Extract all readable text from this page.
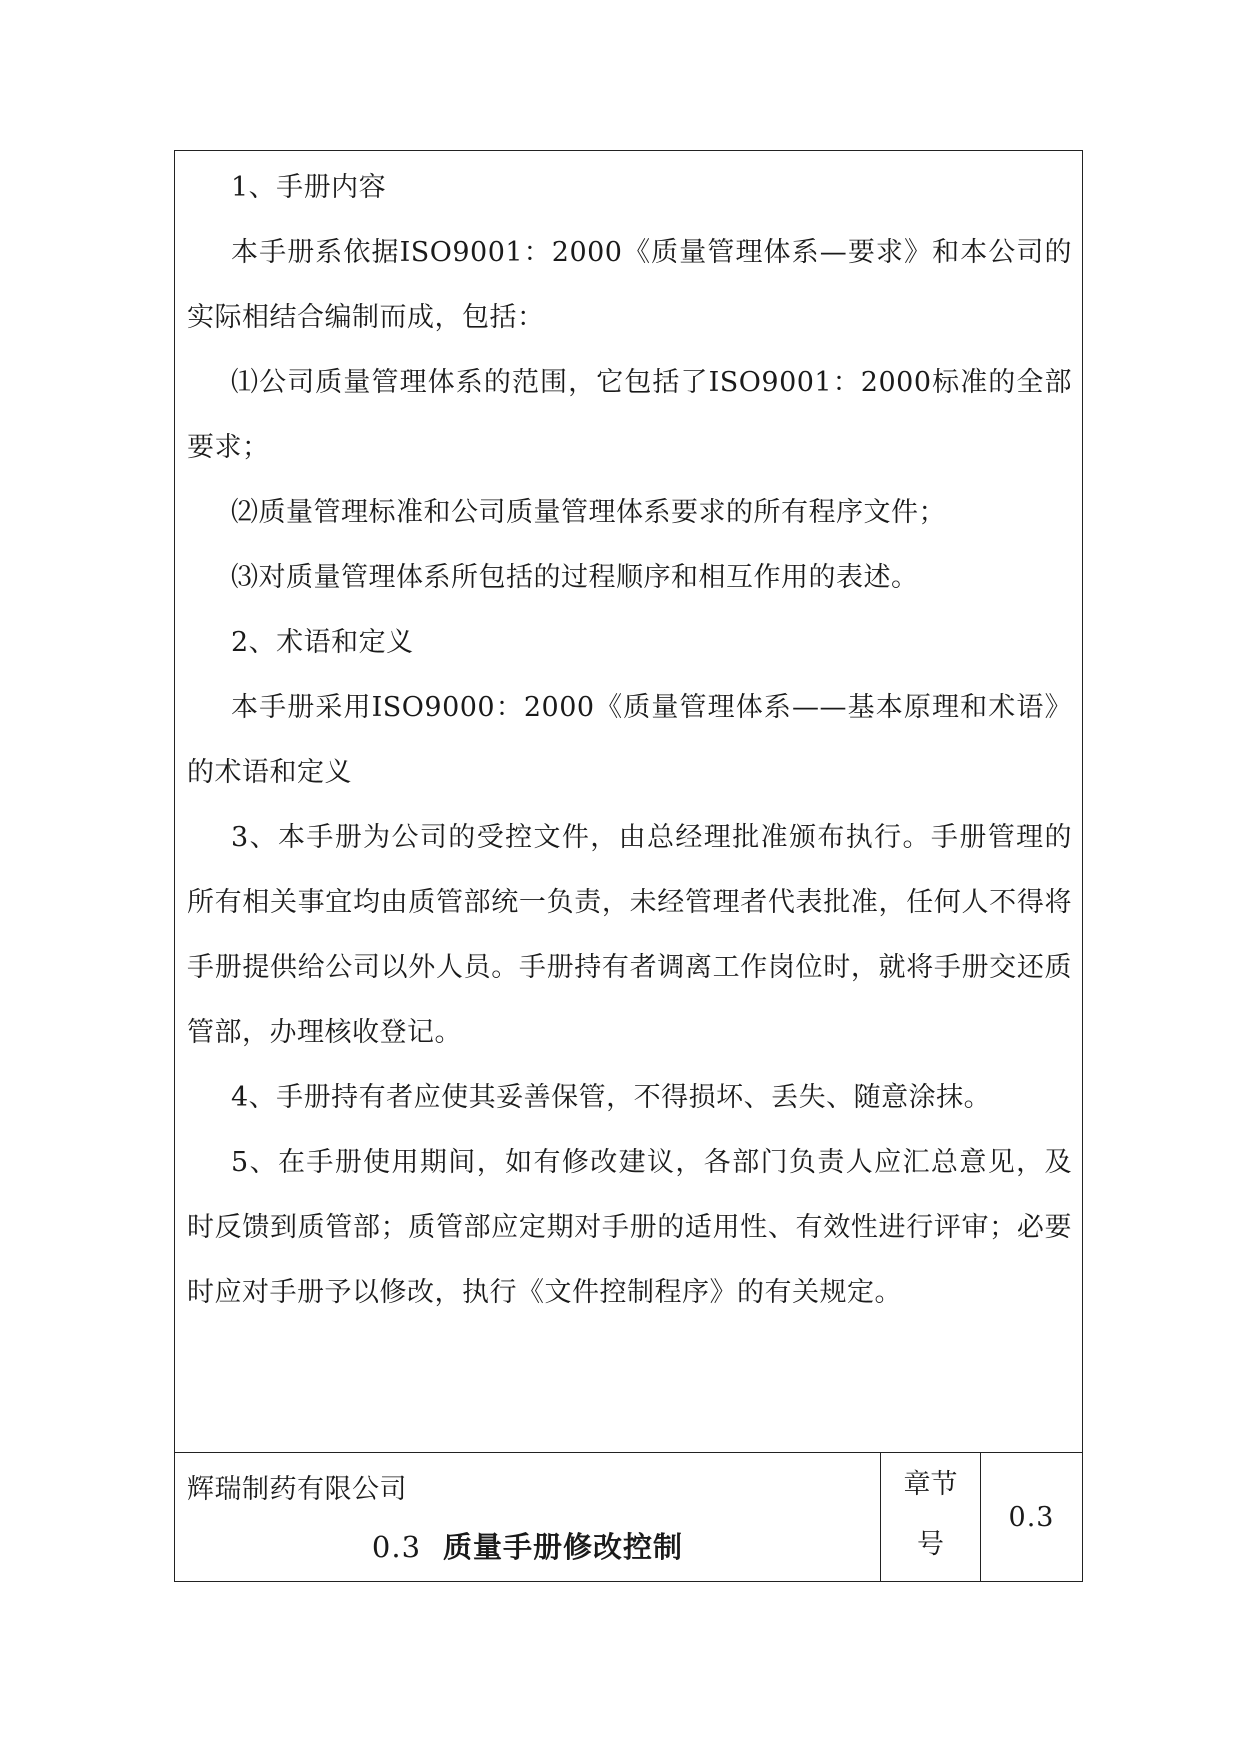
1、手册内容

本手册系依据ISO9001：2000《质量管理体系—要求》和本公司的实际相结合编制而成，包括：

⑴公司质量管理体系的范围，它包括了ISO9001：2000标准的全部要求；

⑵质量管理标准和公司质量管理体系要求的所有程序文件；

⑶对质量管理体系所包括的过程顺序和相互作用的表述。

2、术语和定义

本手册采用ISO9000：2000《质量管理体系——基本原理和术语》的术语和定义

3、本手册为公司的受控文件，由总经理批准颁布执行。手册管理的所有相关事宜均由质管部统一负责，未经管理者代表批准，任何人不得将手册提供给公司以外人员。手册持有者调离工作岗位时，就将手册交还质管部，办理核收登记。

4、手册持有者应使其妥善保管，不得损坏、丢失、随意涂抹。

5、在手册使用期间，如有修改建议，各部门负责人应汇总意见，及时反馈到质管部；质管部应定期对手册的适用性、有效性进行评审；必要时应对手册予以修改，执行《文件控制程序》的有关规定。

辉瑞制药有限公司
0.3 质量手册修改控制
章节
号
0.3
